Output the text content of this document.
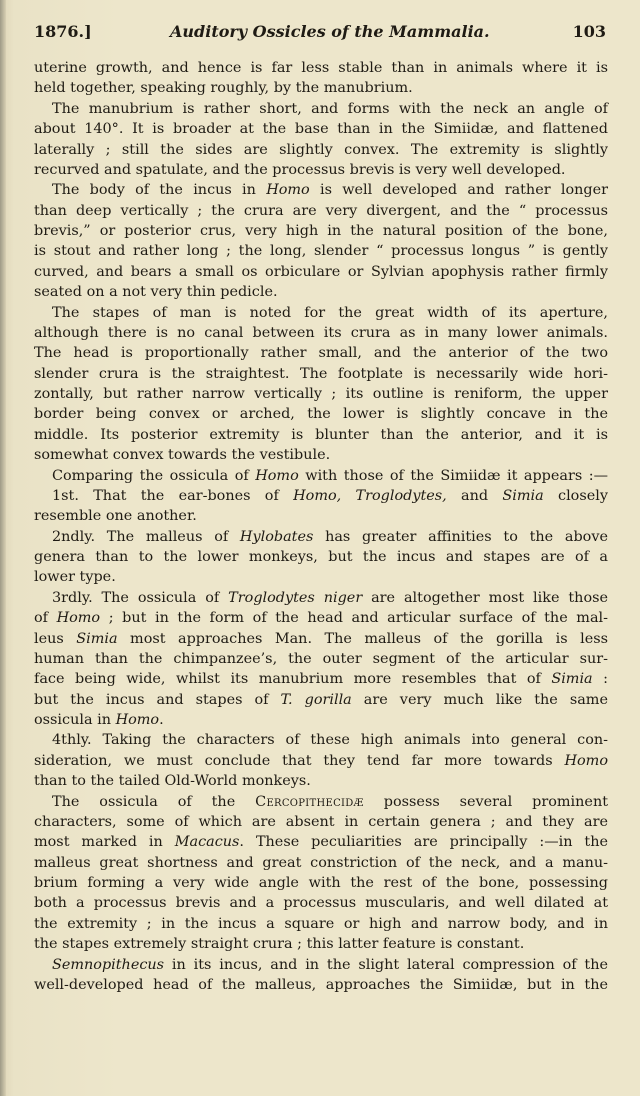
1876.]	Auditory Ossicles of the Mammalia.	103
uterine growth, and hence is far less stable than in animals where it is
held together, speaking roughly, by the manubrium.
The manubrium is rather short, and forms with the neck an angle of
about 140°. It is broader at the base than in the Simiidæ, and flattened
laterally ; still the sides are slightly convex. The extremity is slightly
recurved and spatulate, and the processus brevis is very well developed.
The body of the incus in Homo is well developed and rather longer
than deep vertically ; the crura are very divergent, and the “ processus
brevis,” or posterior crus, very high in the natural position of the bone,
is stout and rather long ; the long, slender “ processus longus ” is gently
curved, and bears a small os orbiculare or Sylvian apophysis rather firmly
seated on a not very thin pedicle.
The stapes of man is noted for the great width of its aperture,
although there is no canal between its crura as in many lower animals.
The head is proportionally rather small, and the anterior of the two
slender crura is the straightest. The footplate is necessarily wide hori-
zontally, but rather narrow vertically ; its outline is reniform, the upper
border being convex or arched, the lower is slightly concave in the
middle. Its posterior extremity is blunter than the anterior, and it is
somewhat convex towards the vestibule.
Comparing the ossicula of Homo with those of the Simiidæ it appears :—
1st. That the ear-bones of Homo, Troglodytes, and Simia closely
resemble one another.
2ndly. The malleus of Hylobates has greater affinities to the above
genera than to the lower monkeys, but the incus and stapes are of a
lower type.
3rdly. The ossicula of Troglodytes niger are altogether most like those
of Homo ; but in the form of the head and articular surface of the mal-
leus Simia most approaches Man. The malleus of the gorilla is less
human than the chimpanzee’s, the outer segment of the articular sur-
face being wide, whilst its manubrium more resembles that of Simia :
but the incus and stapes of T. gorilla are very much like the same
ossicula in Homo.
4thly. Taking the characters of these high animals into general con-
sideration, we must conclude that they tend far more towards Homo
than to the tailed Old-World monkeys.
The ossicula of the Cercopithecidæ possess several prominent
characters, some of which are absent in certain genera ; and they are
most marked in Macacus. These peculiarities are principally :—in the
malleus great shortness and great constriction of the neck, and a manu-
brium forming a very wide angle with the rest of the bone, possessing
both a processus brevis and a processus muscularis, and well dilated at
the extremity ; in the incus a square or high and narrow body, and in
the stapes extremely straight crura ; this latter feature is constant.
Semnopithecus in its incus, and in the slight lateral compression of the
well-developed head of the malleus, approaches the Simiidæ, but in the
